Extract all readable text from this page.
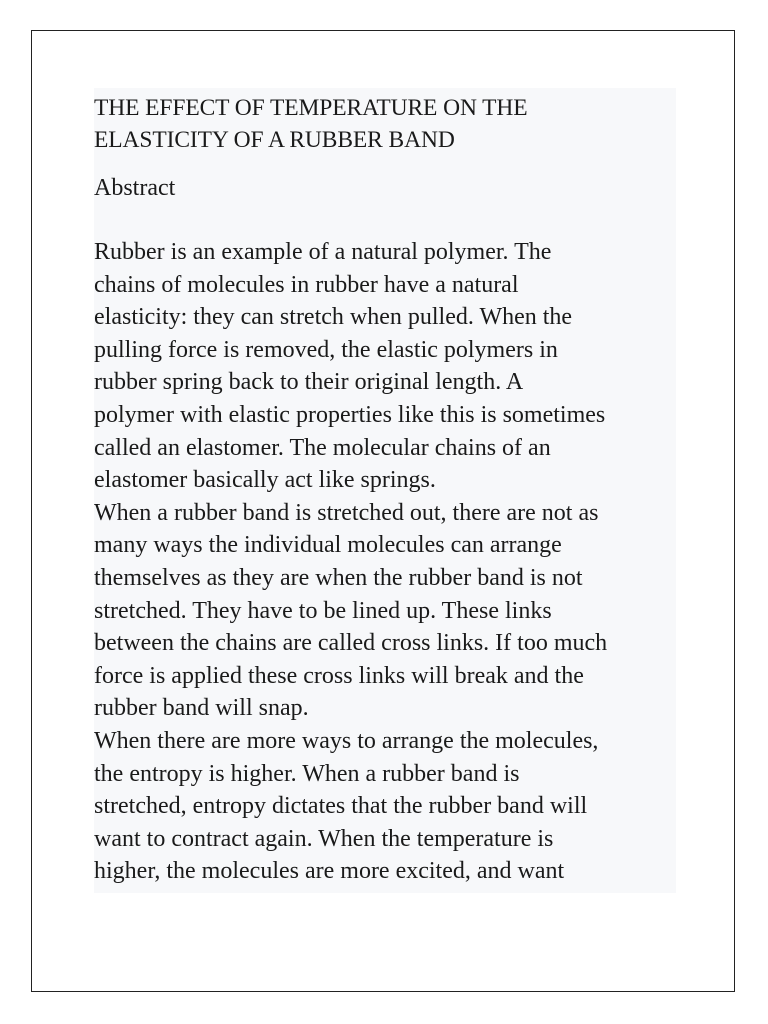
THE EFFECT OF TEMPERATURE ON THE
ELASTICITY OF A RUBBER BAND
Abstract
Rubber is an example of a natural polymer. The
chains of molecules in rubber have a natural
elasticity: they can stretch when pulled. When the
pulling force is removed, the elastic polymers in
rubber spring back to their original length. A
polymer with elastic properties like this is sometimes
called an elastomer. The molecular chains of an
elastomer basically act like springs.
When a rubber band is stretched out, there are not as
many ways the individual molecules can arrange
themselves as they are when the rubber band is not
stretched. They have to be lined up. These links
between the chains are called cross links. If too much
force is applied these cross links will break and the
rubber band will snap.
When there are more ways to arrange the molecules,
the entropy is higher. When a rubber band is
stretched, entropy dictates that the rubber band will
want to contract again. When the temperature is
higher, the molecules are more excited, and want
